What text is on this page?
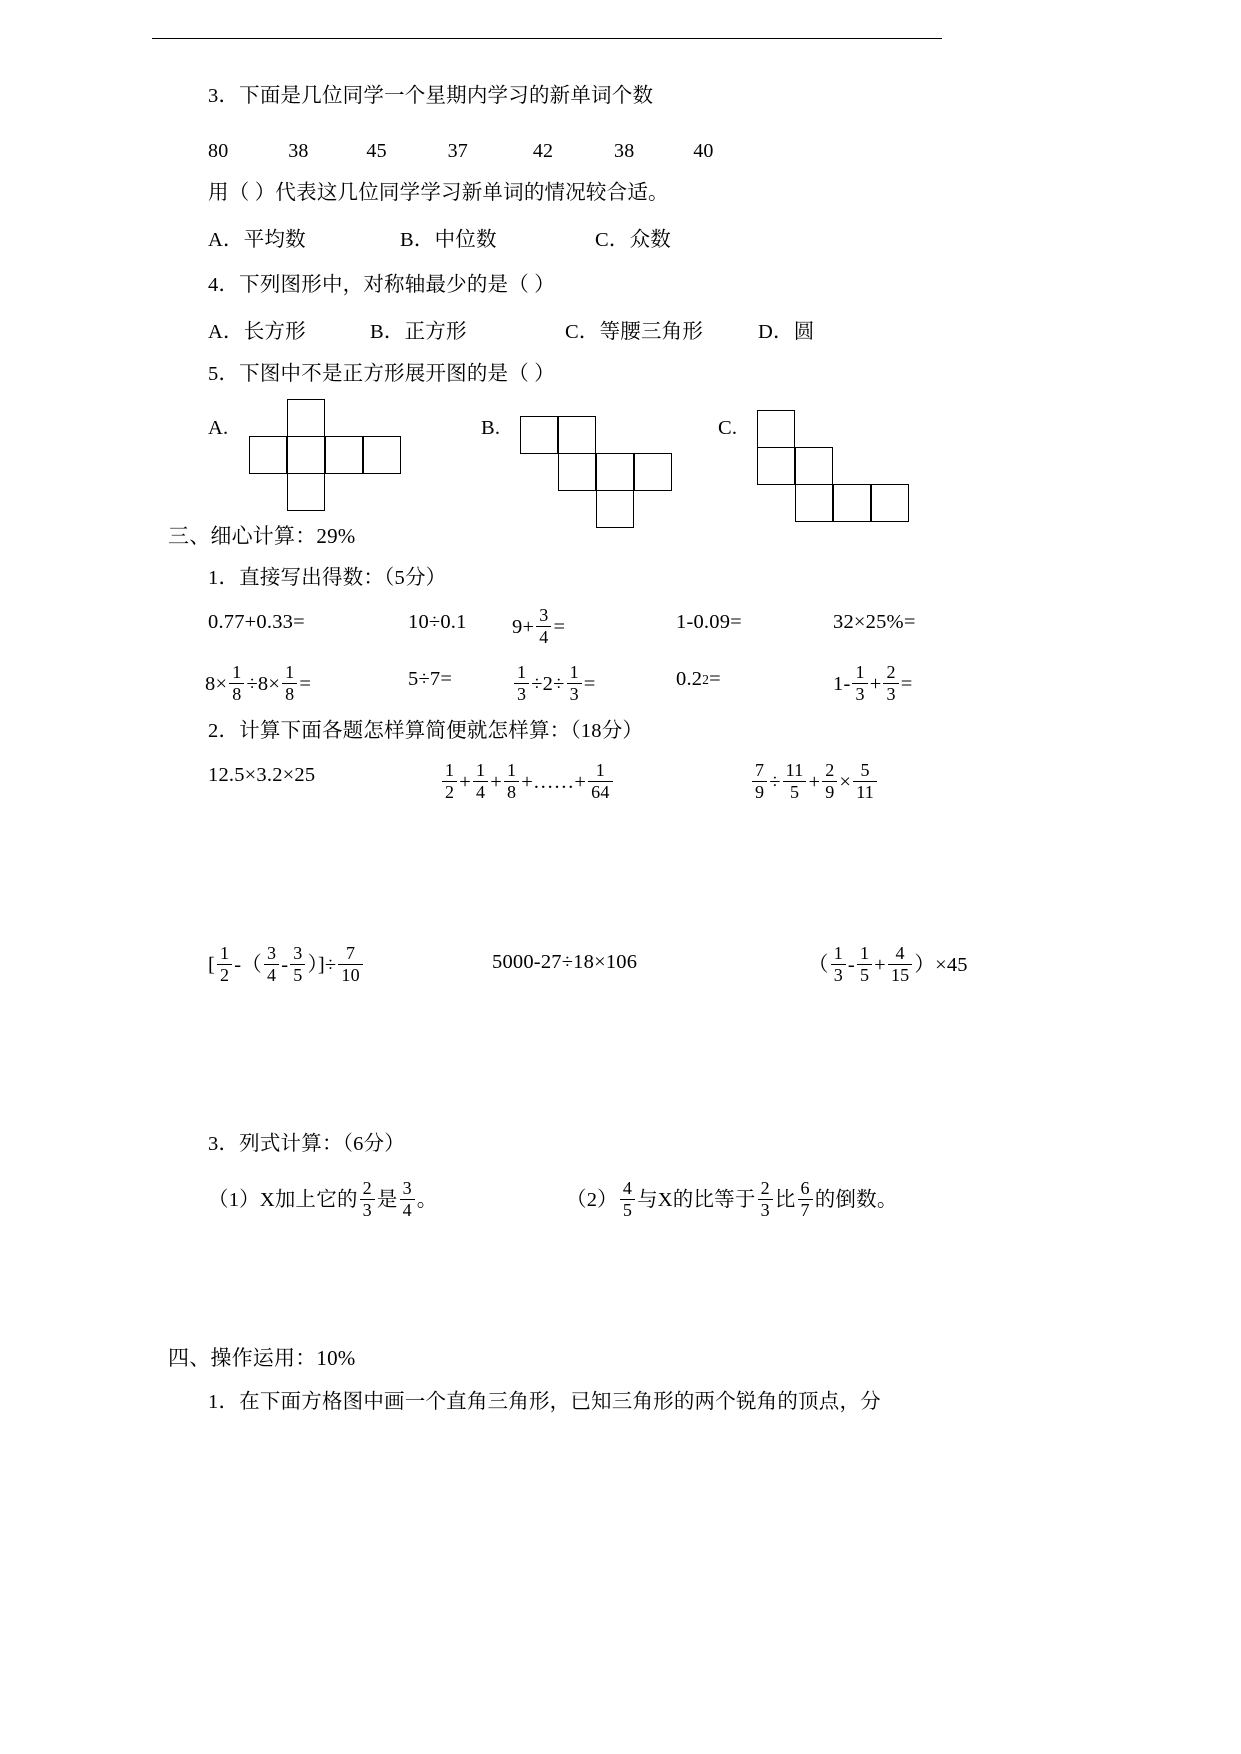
3．下面是几位同学一个星期内学习的新单词个数
80	38	45	37	42	38	40
用（ ）代表这几位同学学习新单词的情况较合适。
A．平均数	B．中位数	C．众数
4．下列图形中，对称轴最少的是（ ）
A．长方形	B．正方形	C．等腰三角形	D．圆
5．下图中不是正方形展开图的是（ ）
A.	B.	C.
三、细心计算：29%
1．直接写出得数：（5分）
0.77+0.33=	10÷0.1 $9+ \frac{3}{4}$ =	1-0.09=	32×25%=
$8\times \frac{1}{8} \div 8\times \frac{1}{8}$ =	5÷7=	$\frac{1}{3} \div 2\div \frac{1}{3}$ =	0.2 2 =	$1- \frac{1}{3} + \frac{2}{3}$ =
2．计算下面各题怎样算简便就怎样算：（18分）
12.5×3.2×25	$\frac{1}{2} + \frac{1}{4} + \frac{1}{8}$ +……+ $\frac{1}{64}$	$\frac{7}{9} \div \frac{11}{5} + \frac{2}{9} \times \frac{5}{11}$
[ $\frac{1}{2}$ -（ $\frac{3}{4} - \frac{3}{5}$ ）]÷ $\frac{7}{10}$	5000-27÷18×106	（ $\frac{1}{3} - \frac{1}{5} + \frac{4}{15} )\times 45$
3．列式计算：（6分）
（1）X加上它的 $\frac{2}{3}$ 是 $\frac{3}{4}$ 。	$(2) \frac{4}{5}$ 与X的比等于 $\frac{2}{3}$ 比 $\frac{6}{7}$ 的倒数。
四、操作运用：10%
1．在下面方格图中画一个直角三角形，已知三角形的两个锐角的顶点，分
